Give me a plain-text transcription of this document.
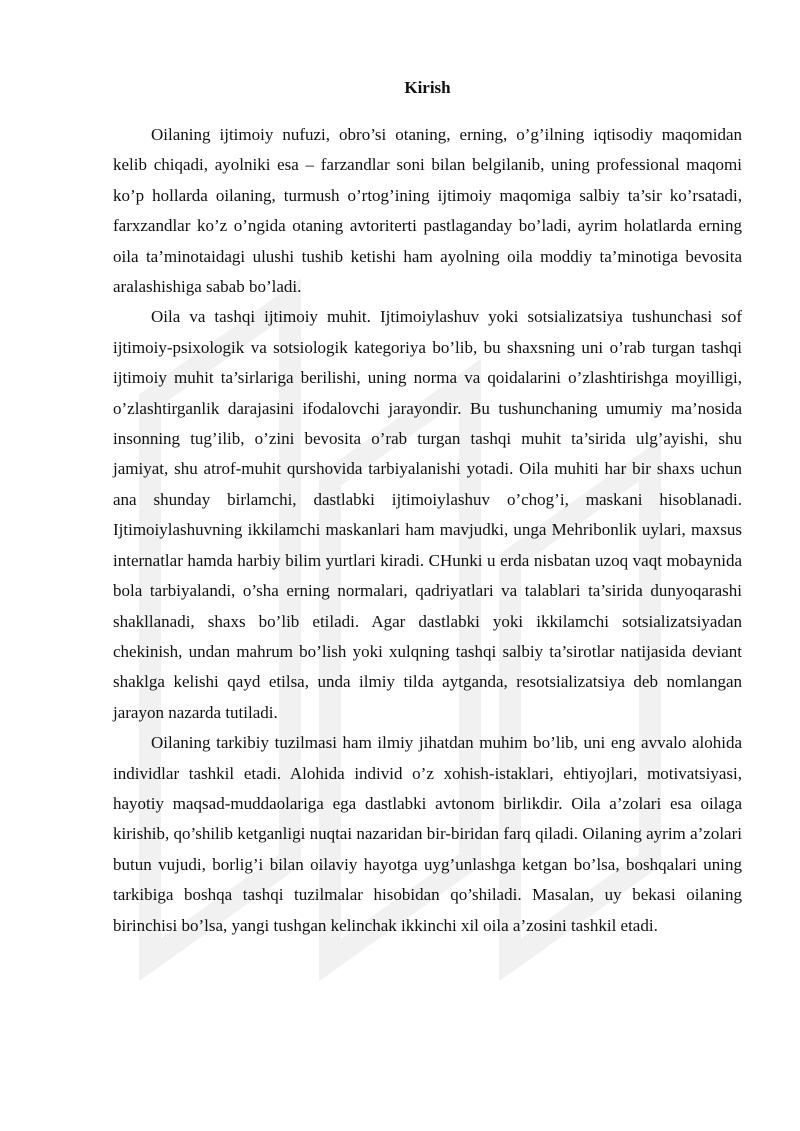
Kirish

Oilaning ijtimoiy nufuzi, obro’si otaning, erning, o’g’ilning iqtisodiy maqomidan kelib chiqadi, ayolniki esa – farzandlar soni bilan belgilanib, uning professional maqomi ko’p hollarda oilaning, turmush o’rtog’ining ijtimoiy maqomiga salbiy ta’sir ko’rsatadi, farxzandlar ko’z o’ngida otaning avtoriterti pastlaganday bo’ladi, ayrim holatlarda erning oila ta’minotaidagi ulushi tushib ketishi ham ayolning oila moddiy ta’minotiga bevosita aralashishiga sabab bo’ladi.

Oila va tashqi ijtimoiy muhit. Ijtimoiylashuv yoki sotsializatsiya tushunchasi sof ijtimoiy-psixologik va sotsiologik kategoriya bo’lib, bu shaxsning uni o’rab turgan tashqi ijtimoiy muhit ta’sirlariga berilishi, uning norma va qoidalarini o’zlashtirishga moyilligi, o’zlashtirganlik darajasini ifodalovchi jarayondir. Bu tushunchaning umumiy ma’nosida insonning tug’ilib, o’zini bevosita o’rab turgan tashqi muhit ta’sirida ulg’ayishi, shu jamiyat, shu atrof-muhit qurshovida tarbiyalanishi yotadi. Oila muhiti har bir shaxs uchun ana shunday birlamchi, dastlabki ijtimoiylashuv o’chog’i, maskani hisoblanadi. Ijtimoiylashuvning ikkilamchi maskanlari ham mavjudki, unga Mehribonlik uylari, maxsus internatlar hamda harbiy bilim yurtlari kiradi. CHunki u erda nisbatan uzoq vaqt mobaynida bola tarbiyalandi, o’sha erning normalari, qadriyatlari va talablari ta’sirida dunyoqarashi shakllanadi, shaxs bo’lib etiladi. Agar dastlabki yoki ikkilamchi sotsializatsiyadan chekinish, undan mahrum bo’lish yoki xulqning tashqi salbiy ta’sirotlar natijasida deviant shaklga kelishi qayd etilsa, unda ilmiy tilda aytganda, resotsializatsiya deb nomlangan jarayon nazarda tutiladi.

Oilaning tarkibiy tuzilmasi ham ilmiy jihatdan muhim bo’lib, uni eng avvalo alohida individlar tashkil etadi. Alohida individ o’z xohish-istaklari, ehtiyojlari, motivatsiyasi, hayotiy maqsad-muddaolariga ega dastlabki avtonom birlikdir. Oila a’zolari esa oilaga kirishib, qo’shilib ketganligi nuqtai nazaridan bir-biridan farq qiladi. Oilaning ayrim a’zolari butun vujudi, borlig’i bilan oilaviy hayotga uyg’unlashga ketgan bo’lsa, boshqalari uning tarkibiga boshqa tashqi tuzilmalar hisobidan qo’shiladi. Masalan, uy bekasi oilaning birinchisi bo’lsa, yangi tushgan kelinchak ikkinchi xil oila a’zosini tashkil etadi.
